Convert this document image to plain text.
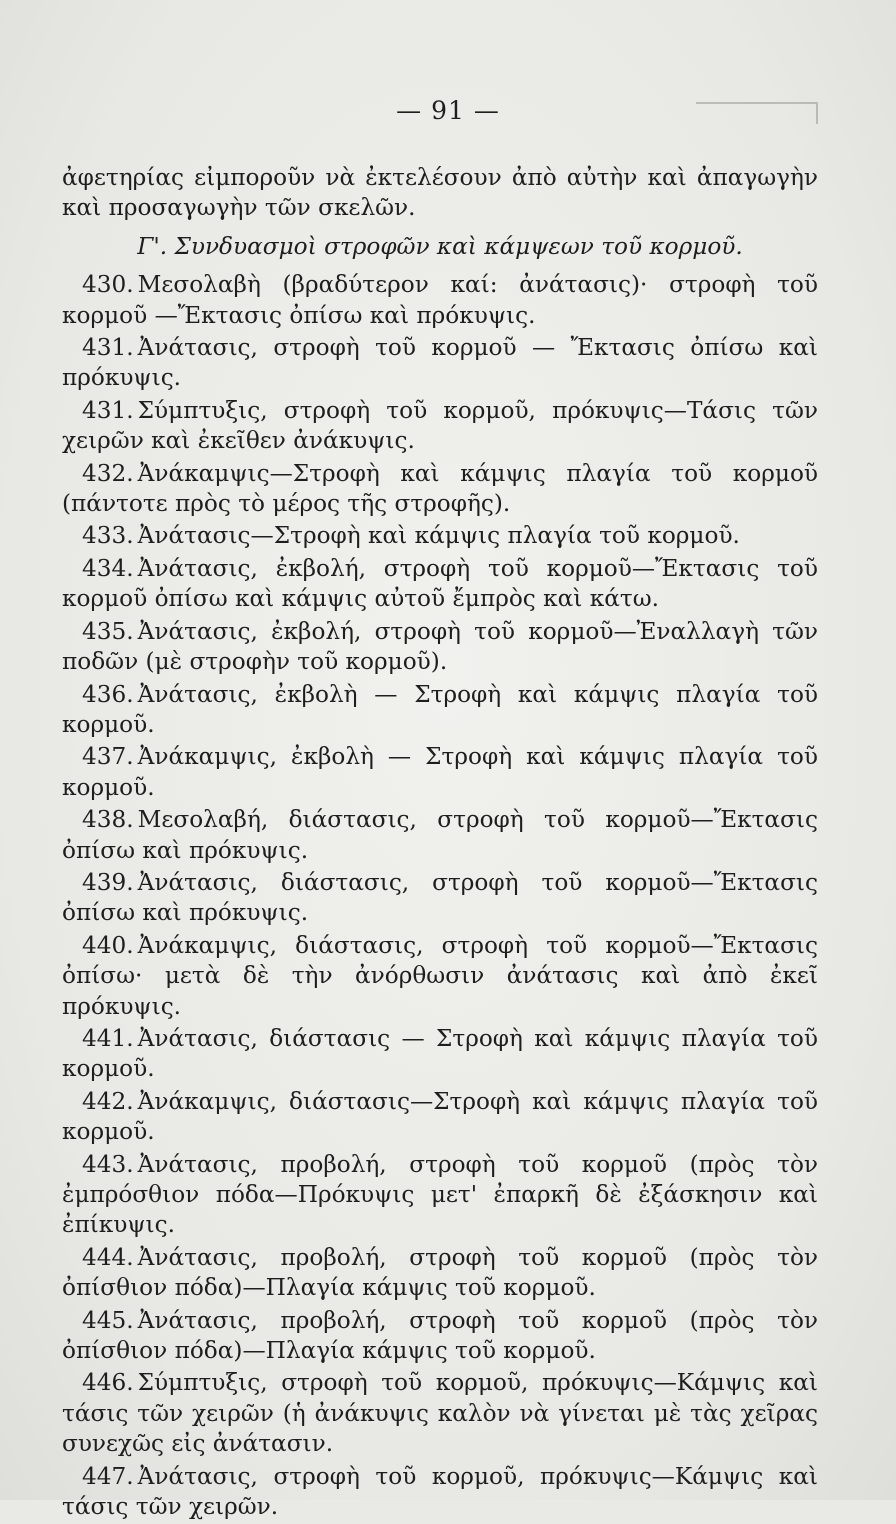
— 91 —

ἀφετηρίας εἰμποροῦν νὰ ἐκτελέσουν ἀπὸ αὐτὴν καὶ ἀπαγωγὴν καὶ προσαγωγὴν τῶν σκελῶν.

Γ'. Συνδυασμοὶ στροφῶν καὶ κάμψεων τοῦ κορμοῦ.

430. Μεσολαβὴ (βραδύτερον καί: ἀνάτασις)· στροφὴ τοῦ κορμοῦ —Ἔκτασις ὀπίσω καὶ πρόκυψις.

431. Ἀνάτασις, στροφὴ τοῦ κορμοῦ — Ἔκτασις ὀπίσω καὶ πρόκυψις.

431. Σύμπτυξις, στροφὴ τοῦ κορμοῦ, πρόκυψις—Τάσις τῶν χειρῶν καὶ ἐκεῖθεν ἀνάκυψις.

432. Ἀνάκαμψις—Στροφὴ καὶ κάμψις πλαγία τοῦ κορμοῦ (πάντοτε πρὸς τὸ μέρος τῆς στροφῆς).

433. Ἀνάτασις—Στροφὴ καὶ κάμψις πλαγία τοῦ κορμοῦ.

434. Ἀνάτασις, ἐκβολή, στροφὴ τοῦ κορμοῦ—Ἔκτασις τοῦ κορμοῦ ὀπίσω καὶ κάμψις αὐτοῦ ἔμπρὸς καὶ κάτω.

435. Ἀνάτασις, ἐκβολή, στροφὴ τοῦ κορμοῦ—Ἐναλλαγὴ τῶν ποδῶν (μὲ στροφὴν τοῦ κορμοῦ).

436. Ἀνάτασις, ἐκβολὴ — Στροφὴ καὶ κάμψις πλαγία τοῦ κορμοῦ.

437. Ἀνάκαμψις, ἐκβολὴ — Στροφὴ καὶ κάμψις πλαγία τοῦ κορμοῦ.

438. Μεσολαβή, διάστασις, στροφὴ τοῦ κορμοῦ—Ἔκτασις ὀπίσω καὶ πρόκυψις.

439. Ἀνάτασις, διάστασις, στροφὴ τοῦ κορμοῦ—Ἔκτασις ὀπίσω καὶ πρόκυψις.

440. Ἀνάκαμψις, διάστασις, στροφὴ τοῦ κορμοῦ—Ἔκτασις ὀπίσω· μετὰ δὲ τὴν ἀνόρθωσιν ἀνάτασις καὶ ἀπὸ ἐκεῖ πρόκυψις.

441. Ἀνάτασις, διάστασις — Στροφὴ καὶ κάμψις πλαγία τοῦ κορμοῦ.

442. Ἀνάκαμψις, διάστασις—Στροφὴ καὶ κάμψις πλαγία τοῦ κορμοῦ.

443. Ἀνάτασις, προβολή, στροφὴ τοῦ κορμοῦ (πρὸς τὸν ἐμπρόσθιον πόδα—Πρόκυψις μετ' ἐπαρκῆ δὲ ἐξάσκησιν καὶ ἐπίκυψις.

444. Ἀνάτασις, προβολή, στροφὴ τοῦ κορμοῦ (πρὸς τὸν ὀπίσθιον πόδα)—Πλαγία κάμψις τοῦ κορμοῦ.

445. Ἀνάτασις, προβολή, στροφὴ τοῦ κορμοῦ (πρὸς τὸν ὀπίσθιον πόδα)—Πλαγία κάμψις τοῦ κορμοῦ.

446. Σύμπτυξις, στροφὴ τοῦ κορμοῦ, πρόκυψις—Κάμψις καὶ τάσις τῶν χειρῶν (ἡ ἀνάκυψις καλὸν νὰ γίνεται μὲ τὰς χεῖρας συνεχῶς εἰς ἀνάτασιν.

447. Ἀνάτασις, στροφὴ τοῦ κορμοῦ, πρόκυψις—Κάμψις καὶ τάσις τῶν χειρῶν.
